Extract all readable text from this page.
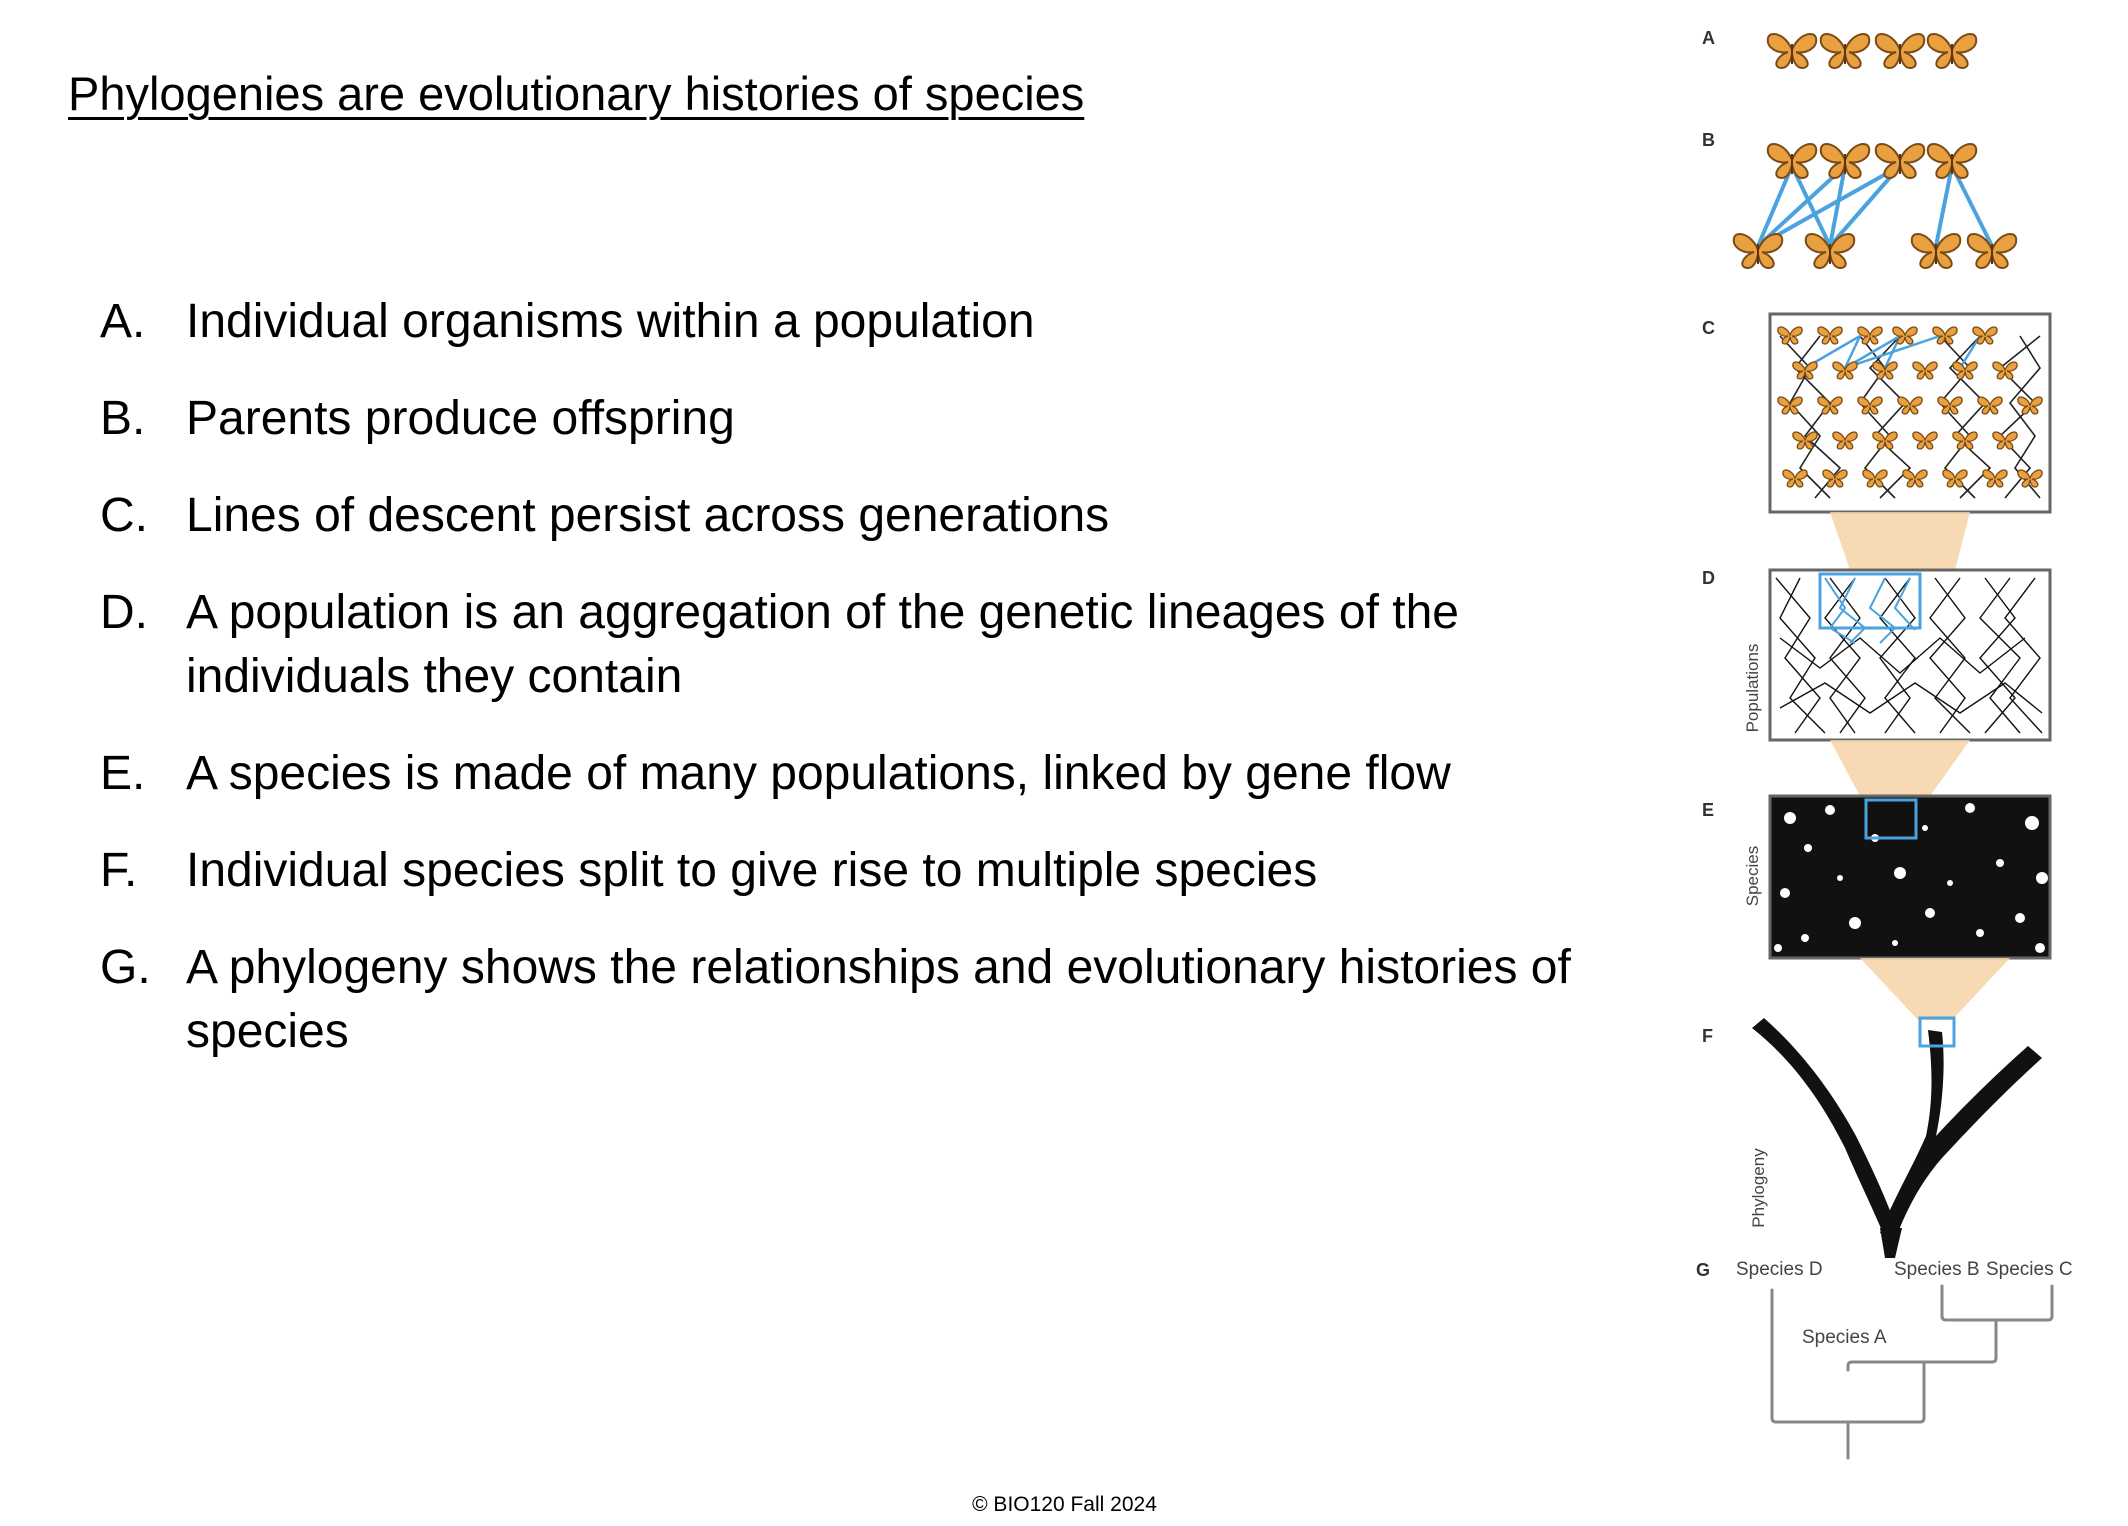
Phylogenies are evolutionary histories of species
A. Individual organisms within a population
B. Parents produce offspring
C. Lines of descent persist across generations
D. A population is an aggregation of the genetic lineages of the individuals they contain
E. A species is made of many populations, linked by gene flow
F.	Individual species split to give rise to multiple species
G. A phylogeny shows the relationships and evolutionary histories of species
A
B
C
D
Populations
E
Species
F
Phylogeny
G Species D	Species B Species C
Species A
© BIO120 Fall 2024
